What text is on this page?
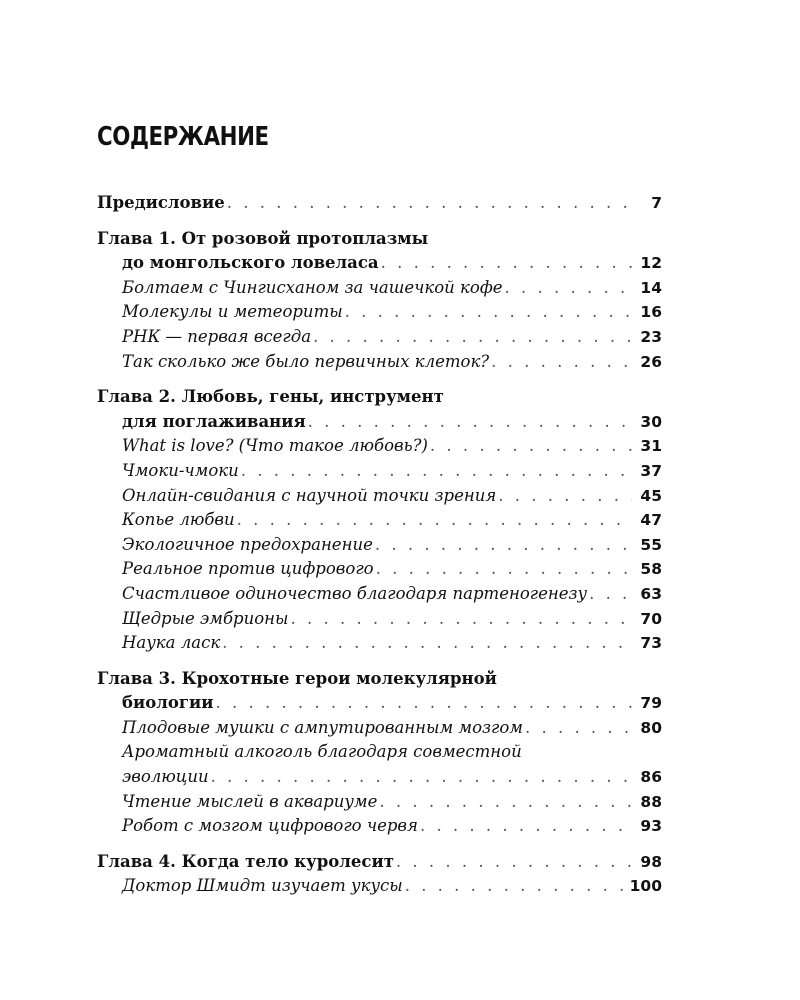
СОДЕРЖАНИЕ
Предисловие . . .	7
Глава 1. От розовой протоплазмы
до монгольского ловеласа . . .	12
Болтаем с Чингисханом за чашечкой кофе . . .	14
Молекулы и метеориты . . .	16
РНК — первая всегда . . .	23
Так сколько же было первичных клеток? . . .	26
Глава 2. Любовь, гены, инструмент
для поглаживания . . .	30
What is love? (Что такое любовь?) . . .	31
Чмоки-чмоки . . .	37
Онлайн-свидания с научной точки зрения . . .	45
Копье любви . . .	47
Экологичное предохранение . . .	55
Реальное против цифрового . . .	58
Счастливое одиночество благодаря партеногенезу . . .	63
Щедрые эмбрионы . . .	70
Наука ласк . . .	73
Глава 3. Крохотные герои молекулярной
биологии . . .	79
Плодовые мушки с ампутированным мозгом . . .	80
Ароматный алкоголь благодаря совместной
эволюции . . .	86
Чтение мыслей в аквариуме . . .	88
Робот с мозгом цифрового червя . . .	93
Глава 4. Когда тело куролесит . . .	98
Доктор Шмидт изучает укусы . . .	100
